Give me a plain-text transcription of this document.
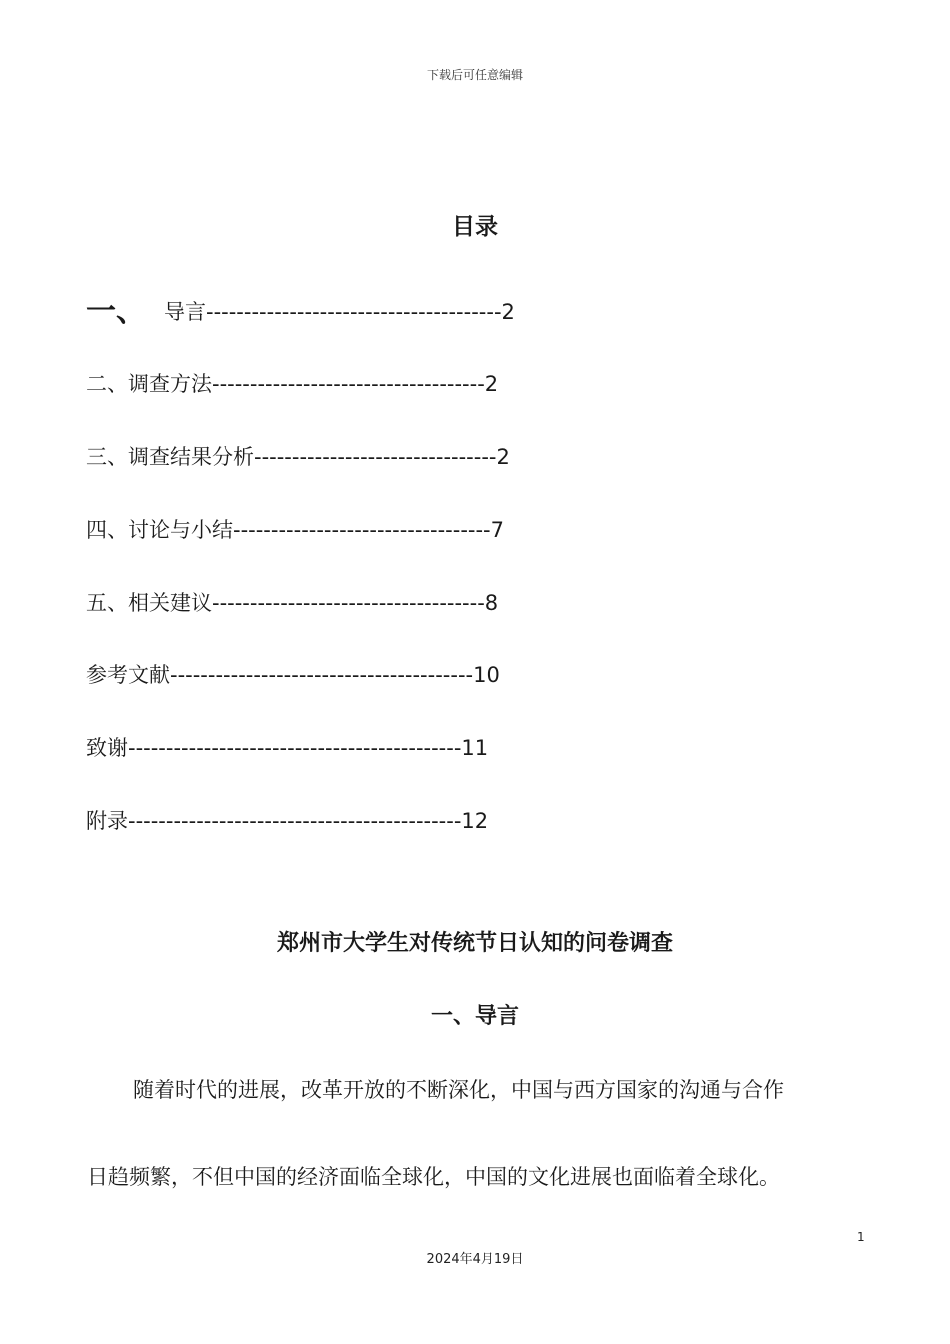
下载后可任意编辑
目录
一、 导言---------------------------------------2
二、调查方法------------------------------------2
三、调查结果分析--------------------------------2
四、讨论与小结----------------------------------7
五、相关建议------------------------------------8
参考文献----------------------------------------10
致谢--------------------------------------------11
附录--------------------------------------------12
郑州市大学生对传统节日认知的问卷调查
一、导言
随着时代的进展，改革开放的不断深化，中国与西方国家的沟通与合作
日趋频繁，不但中国的经济面临全球化，中国的文化进展也面临着全球化。
1
2024年4月19日
